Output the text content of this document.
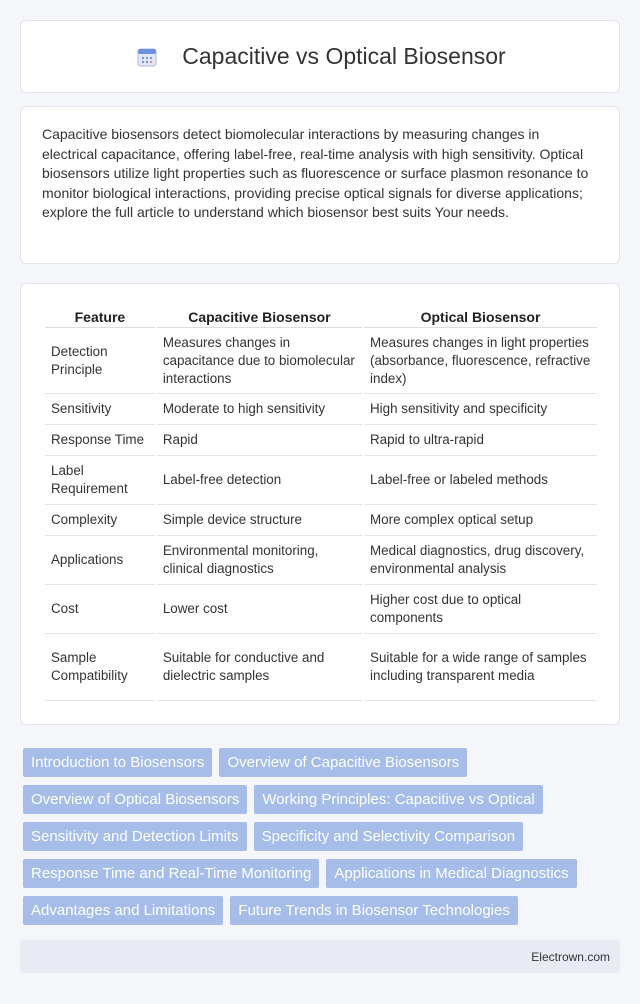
Capacitive vs Optical Biosensor

Capacitive biosensors detect biomolecular interactions by measuring changes in electrical capacitance, offering label-free, real-time analysis with high sensitivity. Optical biosensors utilize light properties such as fluorescence or surface plasmon resonance to monitor biological interactions, providing precise optical signals for diverse applications; explore the full article to understand which biosensor best suits Your needs.

Feature	Capacitive Biosensor	Optical Biosensor
Detection Principle	Measures changes in capacitance due to biomolecular interactions	Measures changes in light properties (absorbance, fluorescence, refractive index)
Sensitivity	Moderate to high sensitivity	High sensitivity and specificity
Response Time	Rapid	Rapid to ultra-rapid
Label Requirement	Label-free detection	Label-free or labeled methods
Complexity	Simple device structure	More complex optical setup
Applications	Environmental monitoring, clinical diagnostics	Medical diagnostics, drug discovery, environmental analysis
Cost	Lower cost	Higher cost due to optical components
Sample Compatibility	Suitable for conductive and dielectric samples	Suitable for a wide range of samples including transparent media
Introduction to Biosensors	Overview of Capacitive Biosensors
Overview of Optical Biosensors	Working Principles: Capacitive vs Optical
Sensitivity and Detection Limits	Specificity and Selectivity Comparison
Response Time and Real-Time Monitoring	Applications in Medical Diagnostics
Advantages and Limitations	Future Trends in Biosensor Technologies
Electrown.com
